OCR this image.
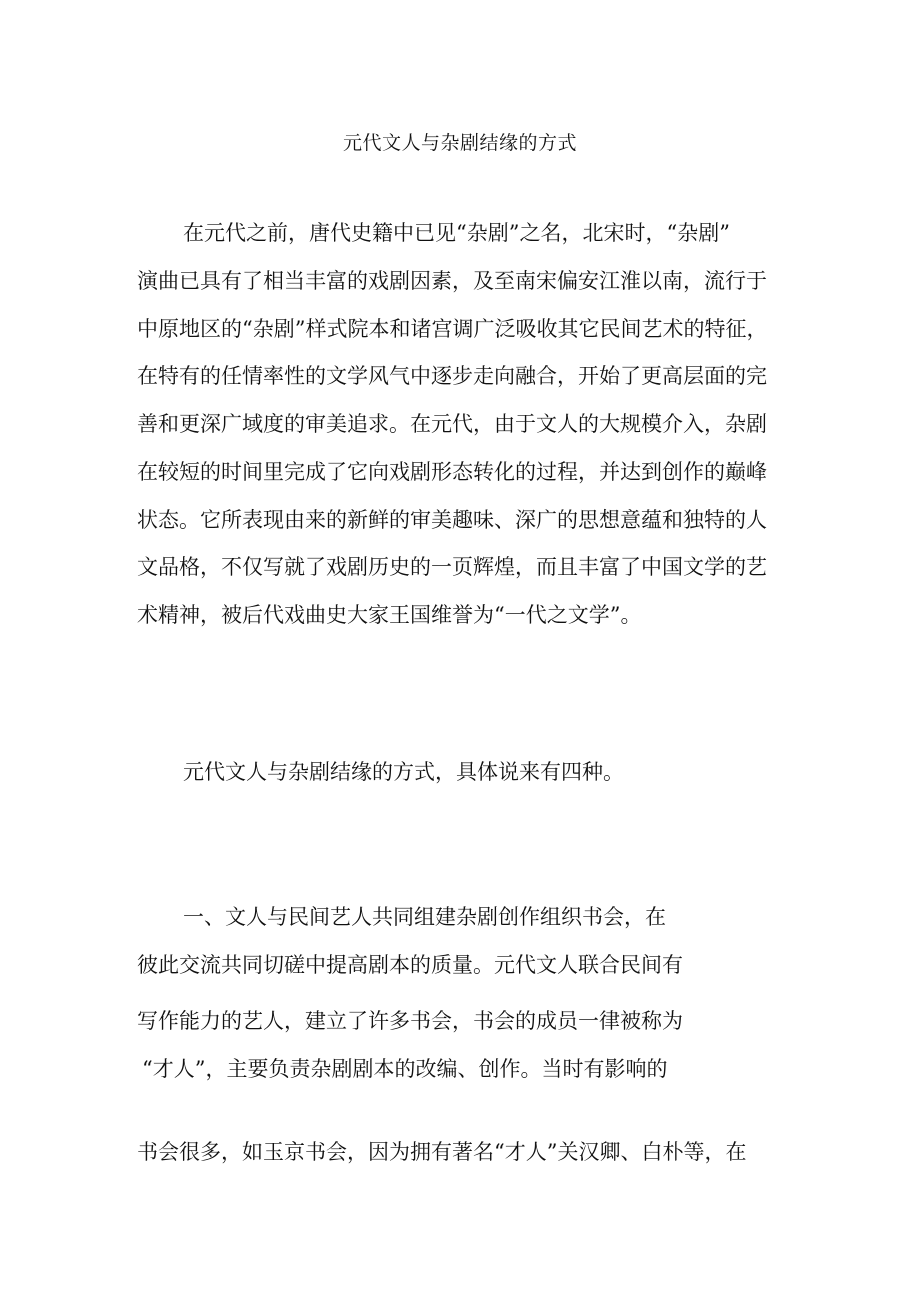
元代文人与杂剧结缘的方式
在元代之前，唐代史籍中已见“杂剧”之名，北宋时，“杂剧”
演曲已具有了相当丰富的戏剧因素，及至南宋偏安江淮以南，流行于
中原地区的“杂剧”样式院本和诸宫调广泛吸收其它民间艺术的特征，
在特有的任情率性的文学风气中逐步走向融合，开始了更高层面的完
善和更深广域度的审美追求。在元代，由于文人的大规模介入，杂剧
在较短的时间里完成了它向戏剧形态转化的过程，并达到创作的巅峰
状态。它所表现由来的新鲜的审美趣味、深广的思想意蕴和独特的人
文品格，不仅写就了戏剧历史的一页辉煌，而且丰富了中国文学的艺
术精神，被后代戏曲史大家王国维誉为“一代之文学”。
元代文人与杂剧结缘的方式，具体说来有四种。
一、文人与民间艺人共同组建杂剧创作组织书会，在
彼此交流共同切磋中提高剧本的质量。元代文人联合民间有
写作能力的艺人，建立了许多书会，书会的成员一律被称为
“才人”，主要负责杂剧剧本的改编、创作。当时有影响的
书会很多，如玉京书会，因为拥有著名“才人”关汉卿、白朴等，在
